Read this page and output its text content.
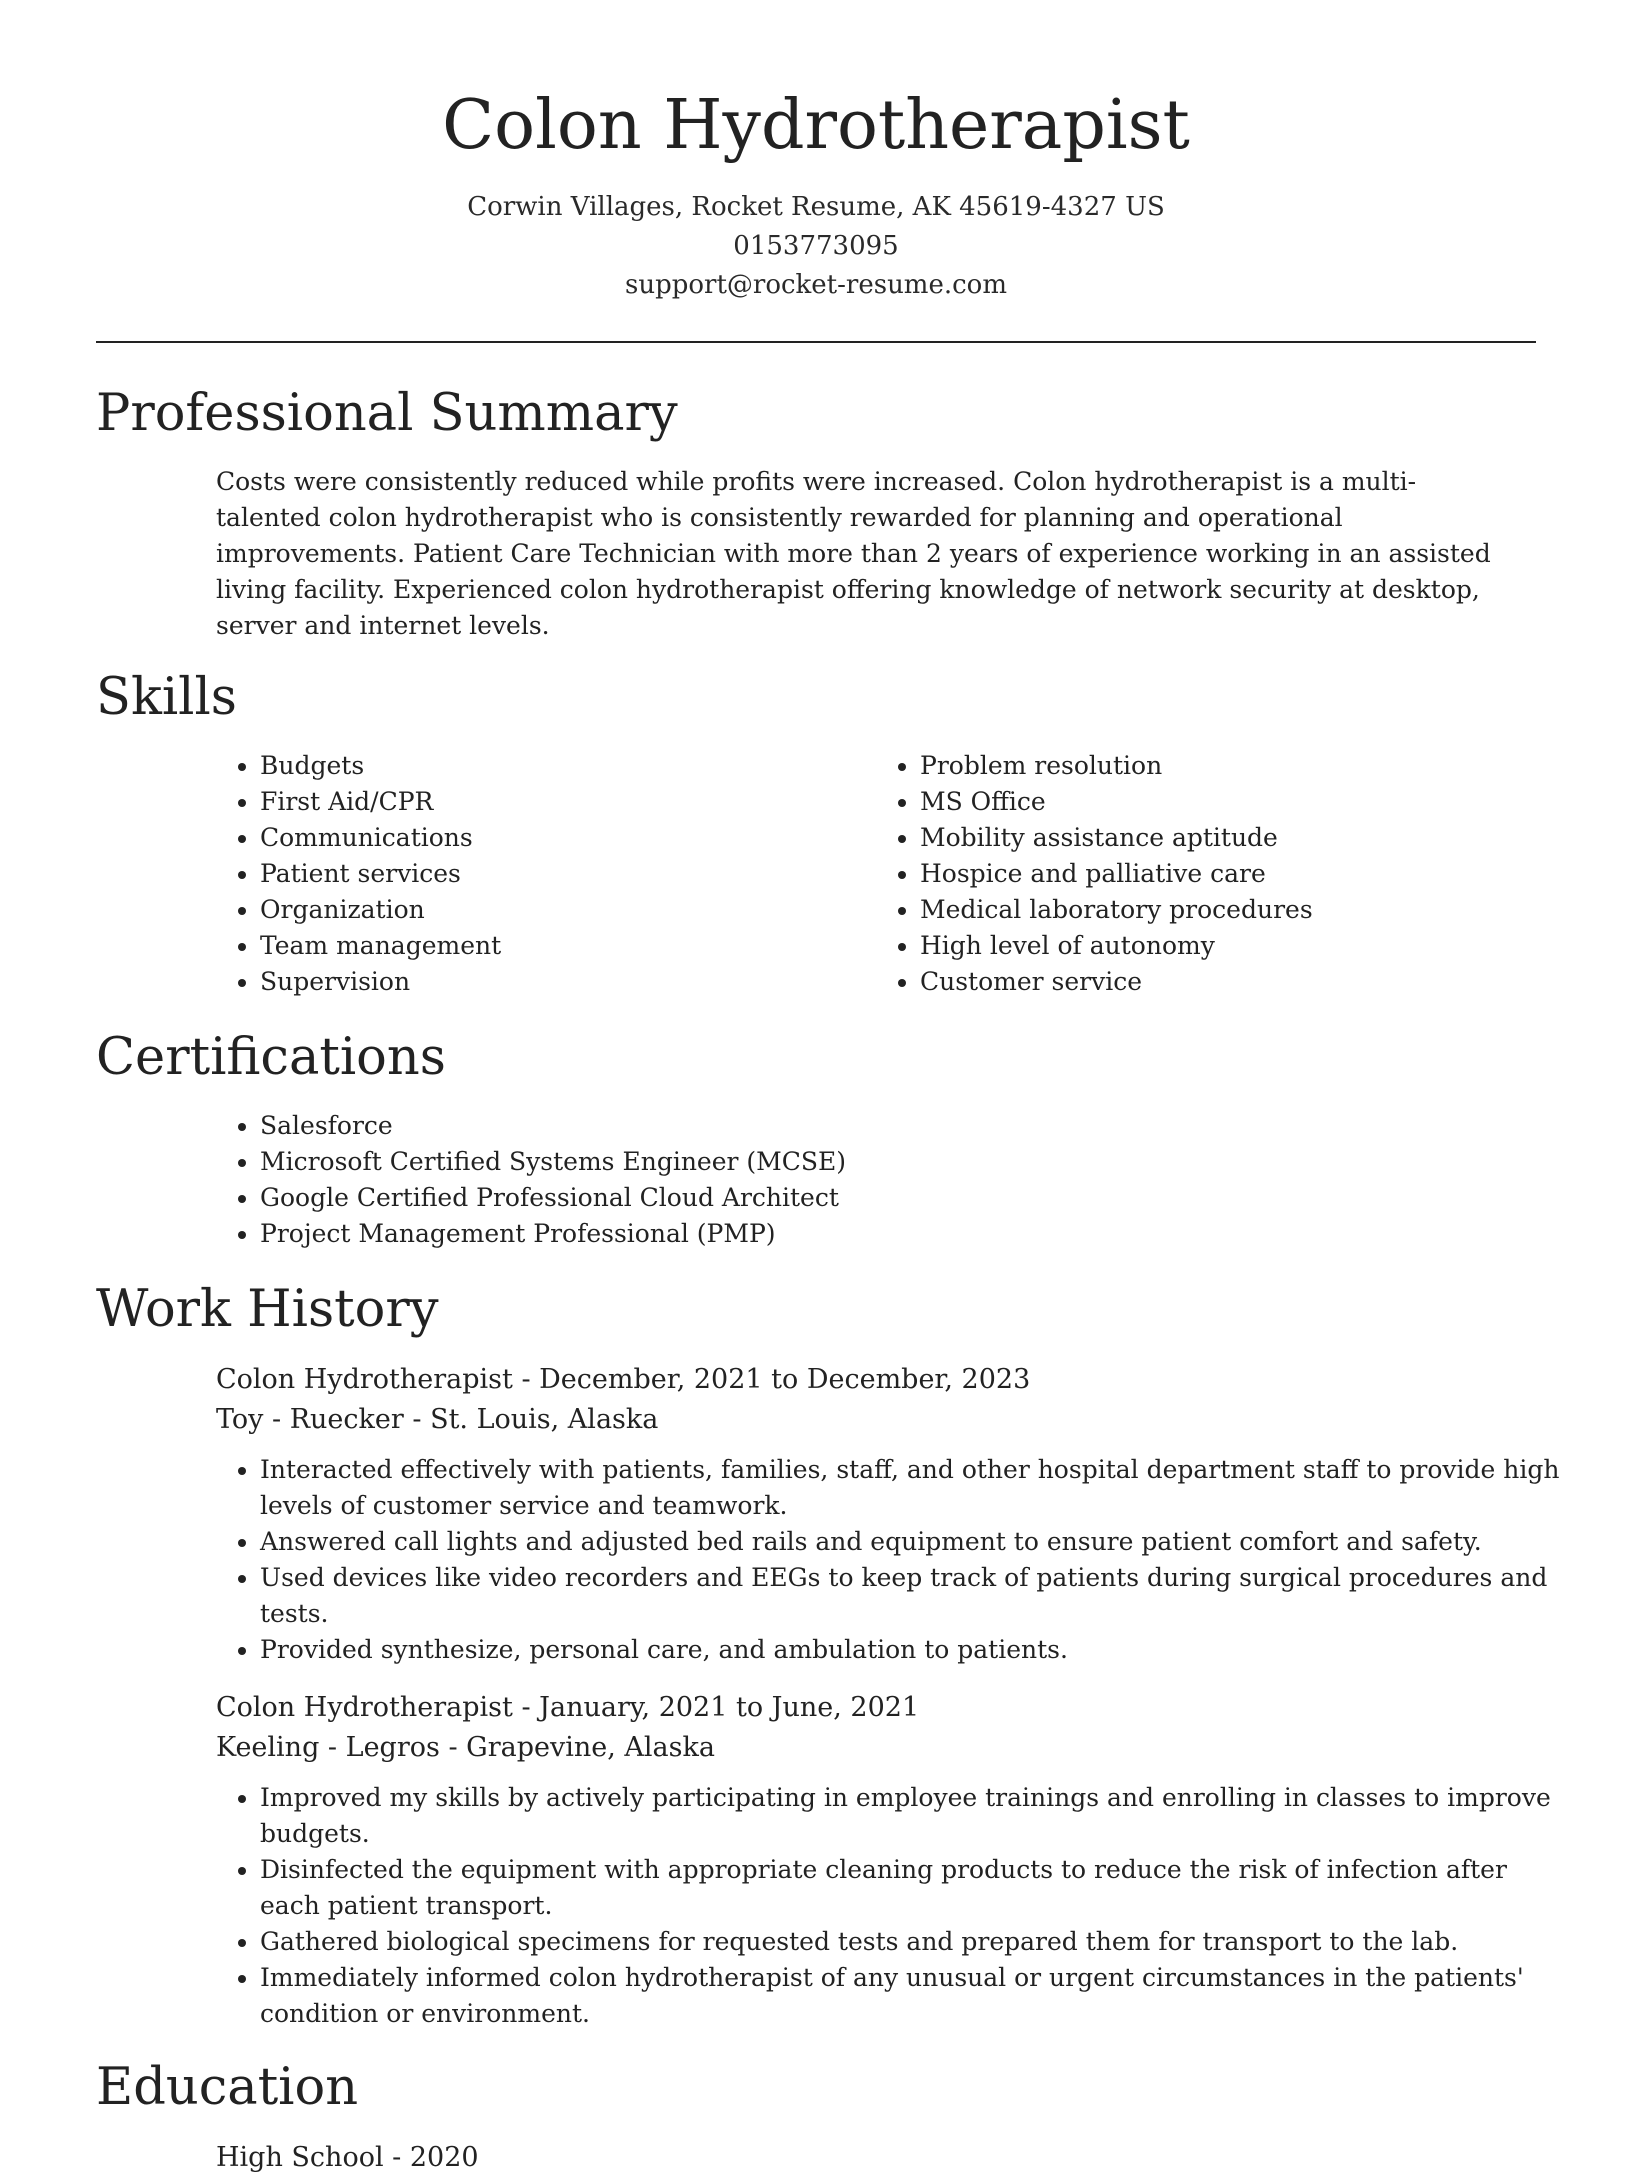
Colon Hydrotherapist
Corwin Villages, Rocket Resume, AK 45619-4327 US
0153773095
support@rocket-resume.com
Professional Summary

Costs were consistently reduced while profits were increased. Colon hydrotherapist is a multi-talented colon hydrotherapist who is consistently rewarded for planning and operational improvements. Patient Care Technician with more than 2 years of experience working in an assisted living facility. Experienced colon hydrotherapist offering knowledge of network security at desktop, server and internet levels.

Skills
• Budgets
• First Aid/CPR
• Communications
• Patient services
• Organization
• Team management
• Supervision
• Problem resolution
• MS Office
• Mobility assistance aptitude
• Hospice and palliative care
• Medical laboratory procedures
• High level of autonomy
• Customer service
Certifications
• Salesforce
• Microsoft Certified Systems Engineer (MCSE)
• Google Certified Professional Cloud Architect
• Project Management Professional (PMP)
Work History
Colon Hydrotherapist - December, 2021 to December, 2023
Toy - Ruecker - St. Louis, Alaska
• Interacted effectively with patients, families, staff, and other hospital department staff to provide high levels of customer service and teamwork.
• Answered call lights and adjusted bed rails and equipment to ensure patient comfort and safety.
• Used devices like video recorders and EEGs to keep track of patients during surgical procedures and tests.
• Provided synthesize, personal care, and ambulation to patients.
Colon Hydrotherapist - January, 2021 to June, 2021
Keeling - Legros - Grapevine, Alaska
• Improved my skills by actively participating in employee trainings and enrolling in classes to improve budgets.
• Disinfected the equipment with appropriate cleaning products to reduce the risk of infection after each patient transport.
• Gathered biological specimens for requested tests and prepared them for transport to the lab.
• Immediately informed colon hydrotherapist of any unusual or urgent circumstances in the patients' condition or environment.
Education
High School - 2020
